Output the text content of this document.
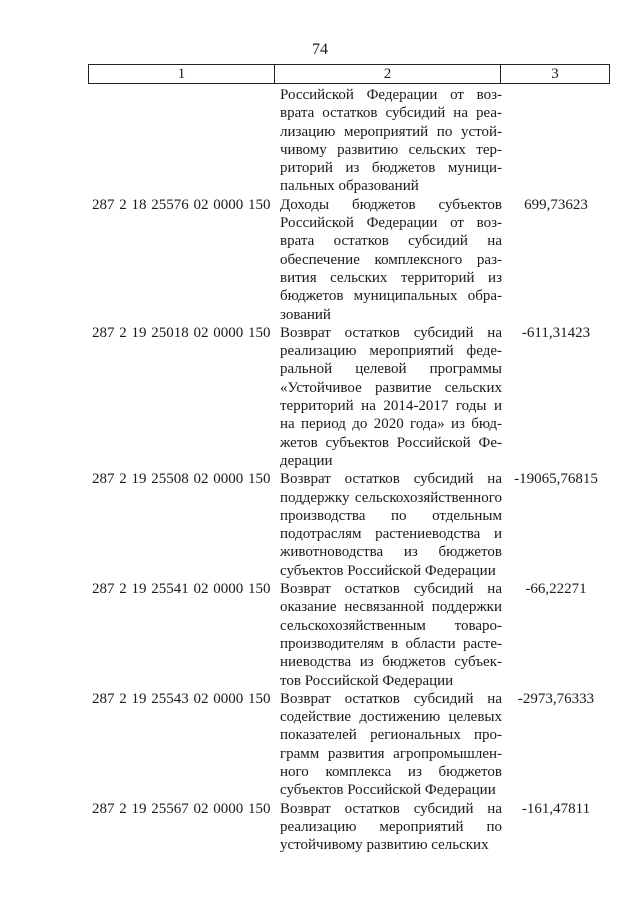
74
1	2	3
Российской Федерации от возврата остатков субсидий на реализацию мероприятий по устойчивому развитию сельских территорий из бюджетов муниципальных образований
287 2 18 25576 02 0000 150 Доходы бюджетов субъектов Российской Федерации от возврата остатков субсидий на обеспечение комплексного развития сельских территорий из бюджетов муниципальных образований
699,73623
287 2 19 25018 02 0000 150 Возврат остатков субсидий на реализацию мероприятий федеральной целевой программы «Устойчивое развитие сельских территорий на 2014-2017 годы и на период до 2020 года» из бюджетов субъектов Российской Федерации
-611,31423
287 2 19 25508 02 0000 150 Возврат остатков субсидий на поддержку сельскохозяйственного производства по отдельным подотраслям растениеводства и животноводства из бюджетов субъектов Российской Федерации
-19065,76815
287 2 19 25541 02 0000 150 Возврат остатков субсидий на оказание несвязанной поддержки сельскохозяйственным товаропроизводителям в области растениеводства из бюджетов субъектов Российской Федерации
-66,22271
287 2 19 25543 02 0000 150 Возврат остатков субсидий на содействие достижению целевых показателей региональных программ развития агропромышленного комплекса из бюджетов субъектов Российской Федерации
-2973,76333
287 2 19 25567 02 0000 150 Возврат остатков субсидий на реализацию мероприятий по устойчивому развитию сельских
-161,47811
